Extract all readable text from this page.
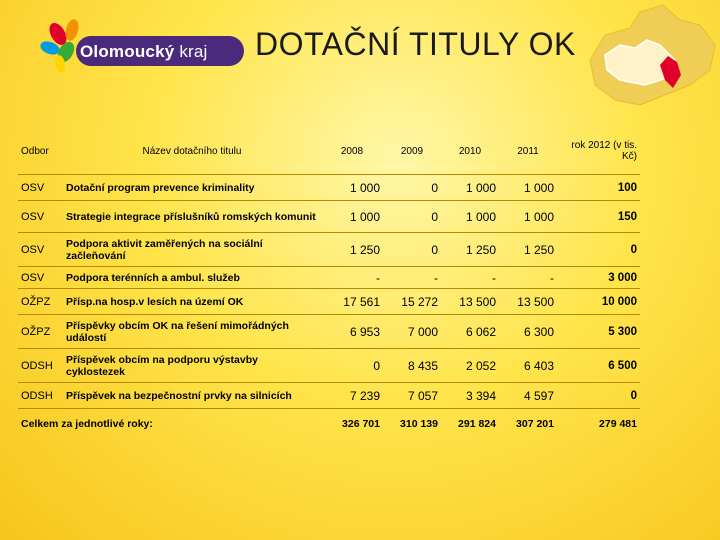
Olomoucký kraj DOTAČNÍ TITULY OK
Odbor	Název dotačního titulu	2008	2009	2010	2011	rok 2012 (v tis. Kč)
OSV	Dotační program prevence kriminality	1 000	0	1 000	1 000	100
OSV	Strategie integrace příslušníků romských komunit	1 000	0	1 000	1 000	150
OSV	Podpora aktivit zaměřených na sociální začleňování	1 250	0	1 250	1 250	0
OSV	Podpora terénních a ambul. služeb	-	-	-	-	3 000
OŽPZ	Přísp.na hosp.v lesích na území OK	17 561	15 272	13 500	13 500	10 000
OŽPZ	Příspěvky obcím OK na řešení mimořádných událostí	6 953	7 000	6 062	6 300	5 300
ODSH	Příspěvek obcím na podporu výstavby cyklostezek	0	8 435	2 052	6 403	6 500
ODSH	Příspěvek na bezpečnostní prvky na silnicích	7 239	7 057	3 394	4 597	0
Celkem za jednotlivé roky:		326 701	310 139	291 824	307 201	279 481
